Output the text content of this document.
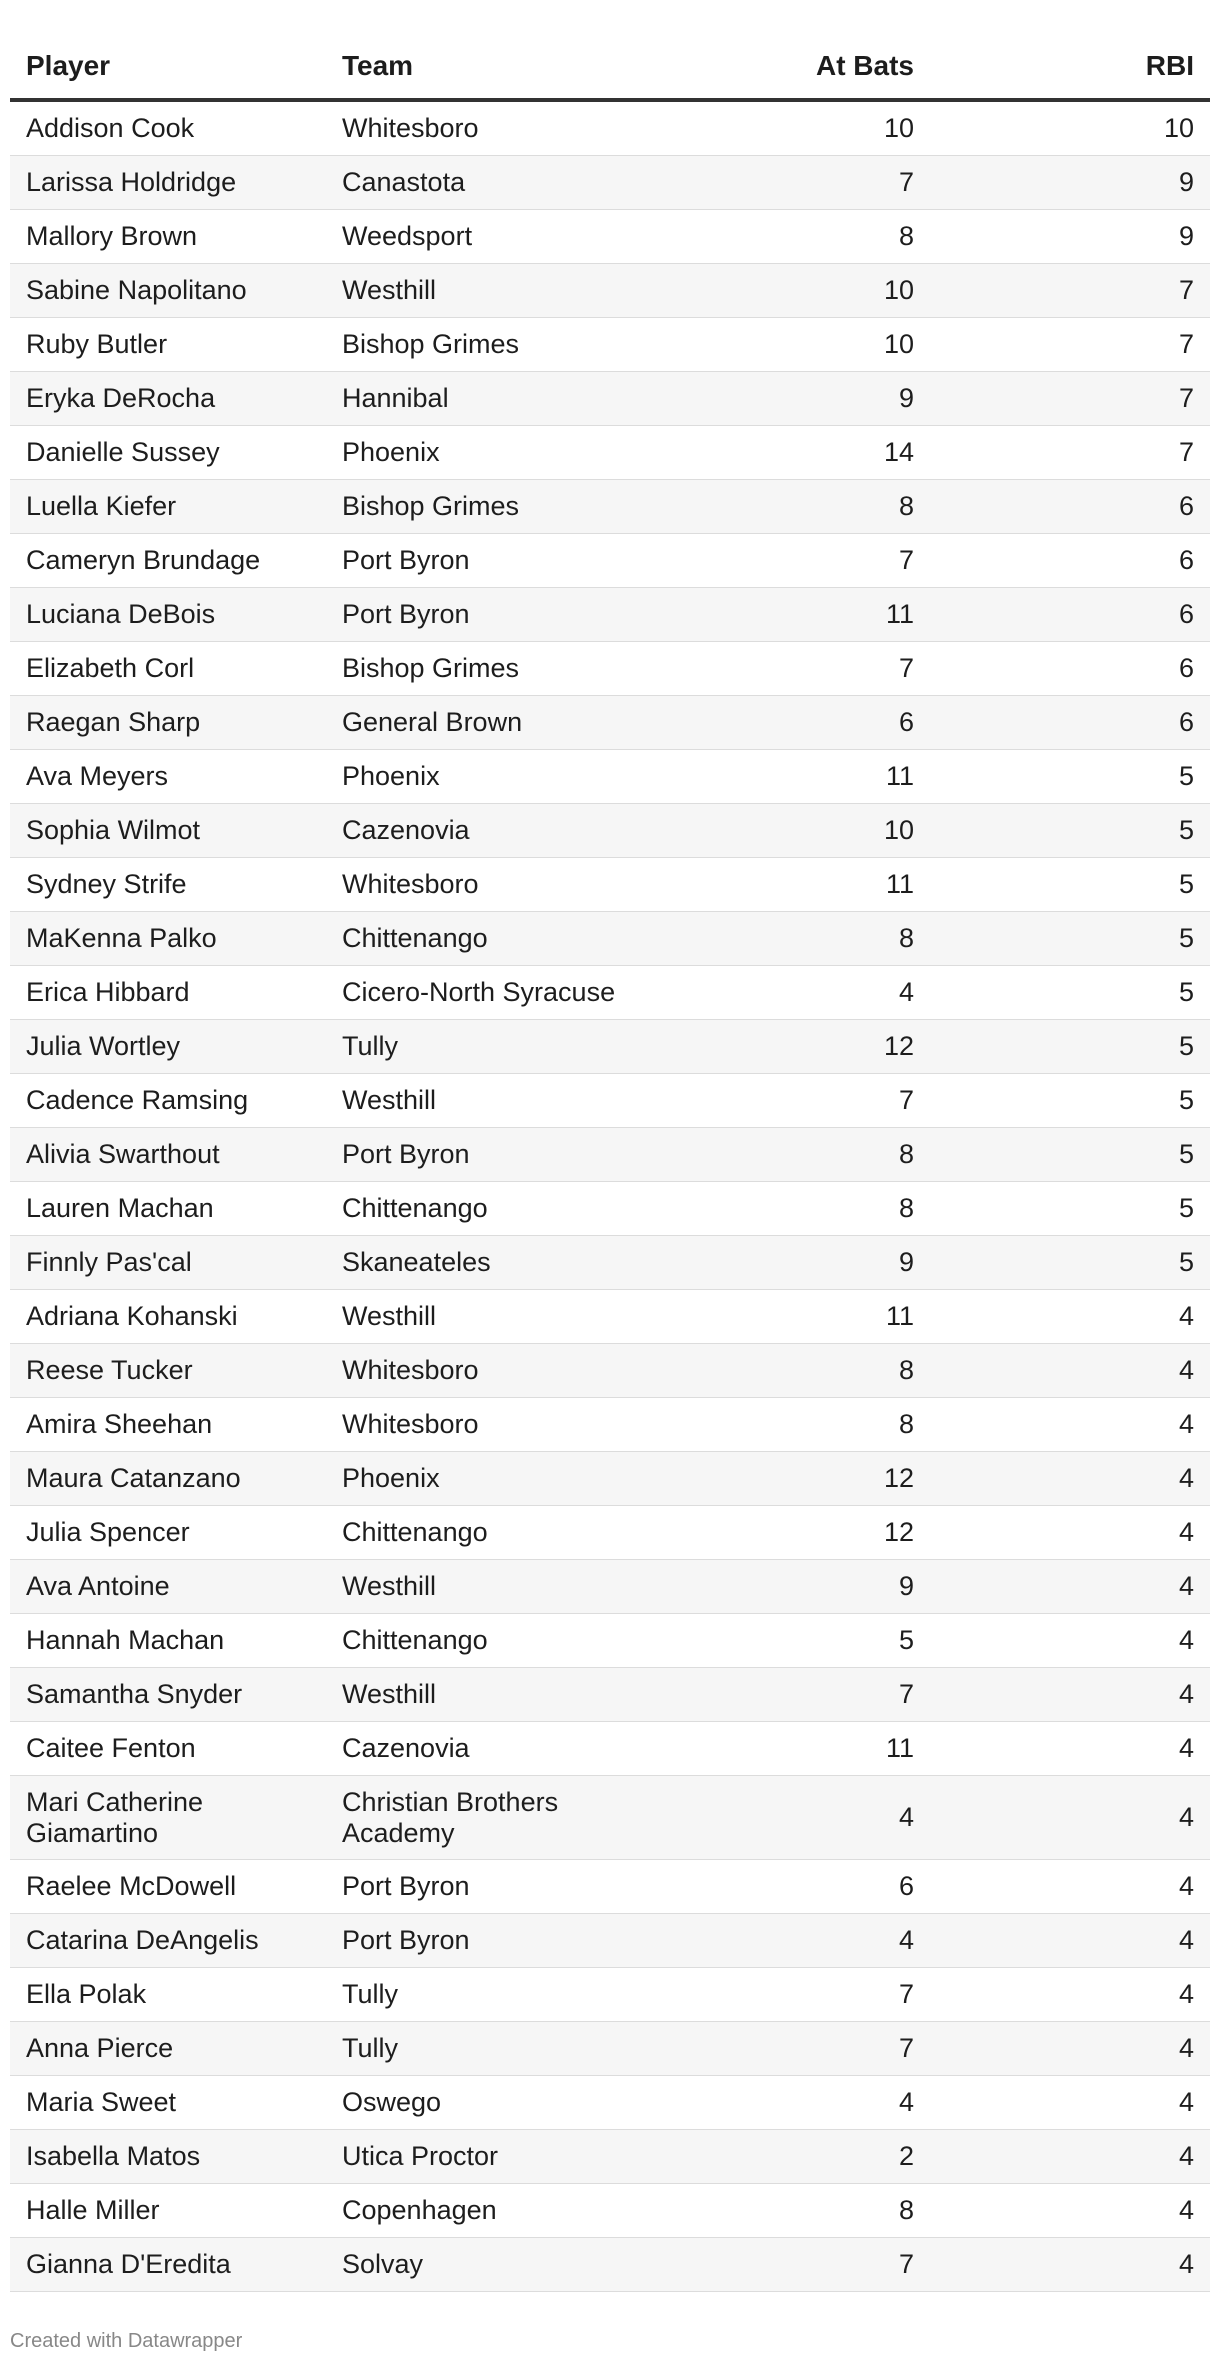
Player	Team	At Bats	RBI
Addison Cook	Whitesboro	10	10
Larissa Holdridge	Canastota	7	9
Mallory Brown	Weedsport	8	9
Sabine Napolitano	Westhill	10	7
Ruby Butler	Bishop Grimes	10	7
Eryka DeRocha	Hannibal	9	7
Danielle Sussey	Phoenix	14	7
Luella Kiefer	Bishop Grimes	8	6
Cameryn Brundage	Port Byron	7	6
Luciana DeBois	Port Byron	11	6
Elizabeth Corl	Bishop Grimes	7	6
Raegan Sharp	General Brown	6	6
Ava Meyers	Phoenix	11	5
Sophia Wilmot	Cazenovia	10	5
Sydney Strife	Whitesboro	11	5
MaKenna Palko	Chittenango	8	5
Erica Hibbard	Cicero-North Syracuse	4	5
Julia Wortley	Tully	12	5
Cadence Ramsing	Westhill	7	5
Alivia Swarthout	Port Byron	8	5
Lauren Machan	Chittenango	8	5
Finnly Pas'cal	Skaneateles	9	5
Adriana Kohanski	Westhill	11	4
Reese Tucker	Whitesboro	8	4
Amira Sheehan	Whitesboro	8	4
Maura Catanzano	Phoenix	12	4
Julia Spencer	Chittenango	12	4
Ava Antoine	Westhill	9	4
Hannah Machan	Chittenango	5	4
Samantha Snyder	Westhill	7	4
Caitee Fenton	Cazenovia	11	4
Mari Catherine Giamartino	Christian Brothers Academy	4	4
Raelee McDowell	Port Byron	6	4
Catarina DeAngelis	Port Byron	4	4
Ella Polak	Tully	7	4
Anna Pierce	Tully	7	4
Maria Sweet	Oswego	4	4
Isabella Matos	Utica Proctor	2	4
Halle Miller	Copenhagen	8	4
Gianna D'Eredita	Solvay	7	4
Created with Datawrapper
